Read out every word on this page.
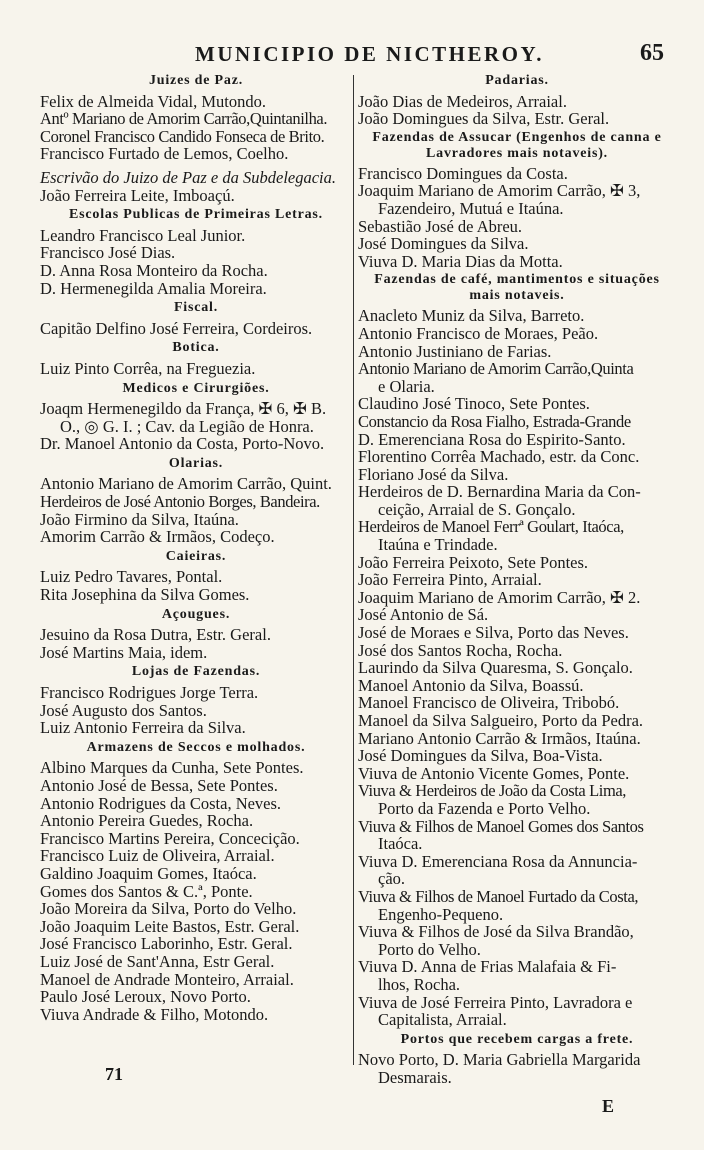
MUNICIPIO DE NICTHEROY.	65
Juizes de Paz.
Felix de Almeida Vidal, Mutondo.
Antº Mariano de Amorim Carrão,Quintanilha.
Coronel Francisco Candido Fonseca de Brito.
Francisco Furtado de Lemos, Coelho.
Escrivão do Juizo de Paz e da Subdelegacia.
João Ferreira Leite, Imboaçú.
Escolas Publicas de Primeiras Letras.
Leandro Francisco Leal Junior.
Francisco José Dias.
D. Anna Rosa Monteiro da Rocha.
D. Hermenegilda Amalia Moreira.
Fiscal.
Capitão Delfino José Ferreira, Cordeiros.
Botica.
Luiz Pinto Corrêa, na Freguezia.
Medicos e Cirurgiões.
Joaqm Hermenegildo da França, ✠ 6, ✠ B.
O., ◎ G. I. ; Cav. da Legião de Honra.
Dr. Manoel Antonio da Costa, Porto-Novo.
Olarias.
Antonio Mariano de Amorim Carrão, Quint.
Herdeiros de José Antonio Borges, Bandeira.
João Firmino da Silva, Itaúna.
Amorim Carrão & Irmãos, Codeço.
Caieiras.
Luiz Pedro Tavares, Pontal.
Rita Josephina da Silva Gomes.
Açougues.
Jesuino da Rosa Dutra, Estr. Geral.
José Martins Maia, idem.
Lojas de Fazendas.
Francisco Rodrigues Jorge Terra.
José Augusto dos Santos.
Luiz Antonio Ferreira da Silva.
Armazens de Seccos e molhados.
Albino Marques da Cunha, Sete Pontes.
Antonio José de Bessa, Sete Pontes.
Antonio Rodrigues da Costa, Neves.
Antonio Pereira Guedes, Rocha.
Francisco Martins Pereira, Concecição.
Francisco Luiz de Oliveira, Arraial.
Galdino Joaquim Gomes, Itaóca.
Gomes dos Santos & C.ª, Ponte.
João Moreira da Silva, Porto do Velho.
João Joaquim Leite Bastos, Estr. Geral.
José Francisco Laborinho, Estr. Geral.
Luiz José de Sant'Anna, Estr Geral.
Manoel de Andrade Monteiro, Arraial.
Paulo José Leroux, Novo Porto.
Viuva Andrade & Filho, Motondo.
Padarias.
João Dias de Medeiros, Arraial.
João Domingues da Silva, Estr. Geral.
Fazendas de Assucar (Engenhos de canna e Lavradores mais notaveis).
Francisco Domingues da Costa.
Joaquim Mariano de Amorim Carrão, ✠ 3,
Fazendeiro, Mutuá e Itaúna.
Sebastião José de Abreu.
José Domingues da Silva.
Viuva D. Maria Dias da Motta.
Fazendas de café, mantimentos e situações mais notaveis.
Anacleto Muniz da Silva, Barreto.
Antonio Francisco de Moraes, Peão.
Antonio Justiniano de Farias.
Antonio Mariano de Amorim Carrão,Quinta
e Olaria.
Claudino José Tinoco, Sete Pontes.
Constancio da Rosa Fialho, Estrada-Grande
D. Emerenciana Rosa do Espirito-Santo.
Florentino Corrêa Machado, estr. da Conc.
Floriano José da Silva.
Herdeiros de D. Bernardina Maria da Con-
ceição, Arraial de S. Gonçalo.
Herdeiros de Manoel Ferrª Goulart, Itaóca,
Itaúna e Trindade.
João Ferreira Peixoto, Sete Pontes.
João Ferreira Pinto, Arraial.
Joaquim Mariano de Amorim Carrão, ✠ 2.
José Antonio de Sá.
José de Moraes e Silva, Porto das Neves.
José dos Santos Rocha, Rocha.
Laurindo da Silva Quaresma, S. Gonçalo.
Manoel Antonio da Silva, Boassú.
Manoel Francisco de Oliveira, Tribobó.
Manoel da Silva Salgueiro, Porto da Pedra.
Mariano Antonio Carrão & Irmãos, Itaúna.
José Domingues da Silva, Boa-Vista.
Viuva de Antonio Vicente Gomes, Ponte.
Viuva & Herdeiros de João da Costa Lima,
Porto da Fazenda e Porto Velho.
Viuva & Filhos de Manoel Gomes dos Santos
Itaóca.
Viuva D. Emerenciana Rosa da Annuncia-
ção.
Viuva & Filhos de Manoel Furtado da Costa,
Engenho-Pequeno.
Viuva & Filhos de José da Silva Brandão,
Porto do Velho.
Viuva D. Anna de Frias Malafaia & Fi-
lhos, Rocha.
Viuva de José Ferreira Pinto, Lavradora e
Capitalista, Arraial.
Portos que recebem cargas a frete.
Novo Porto, D. Maria Gabriella Margarida
Desmarais.
71
E
